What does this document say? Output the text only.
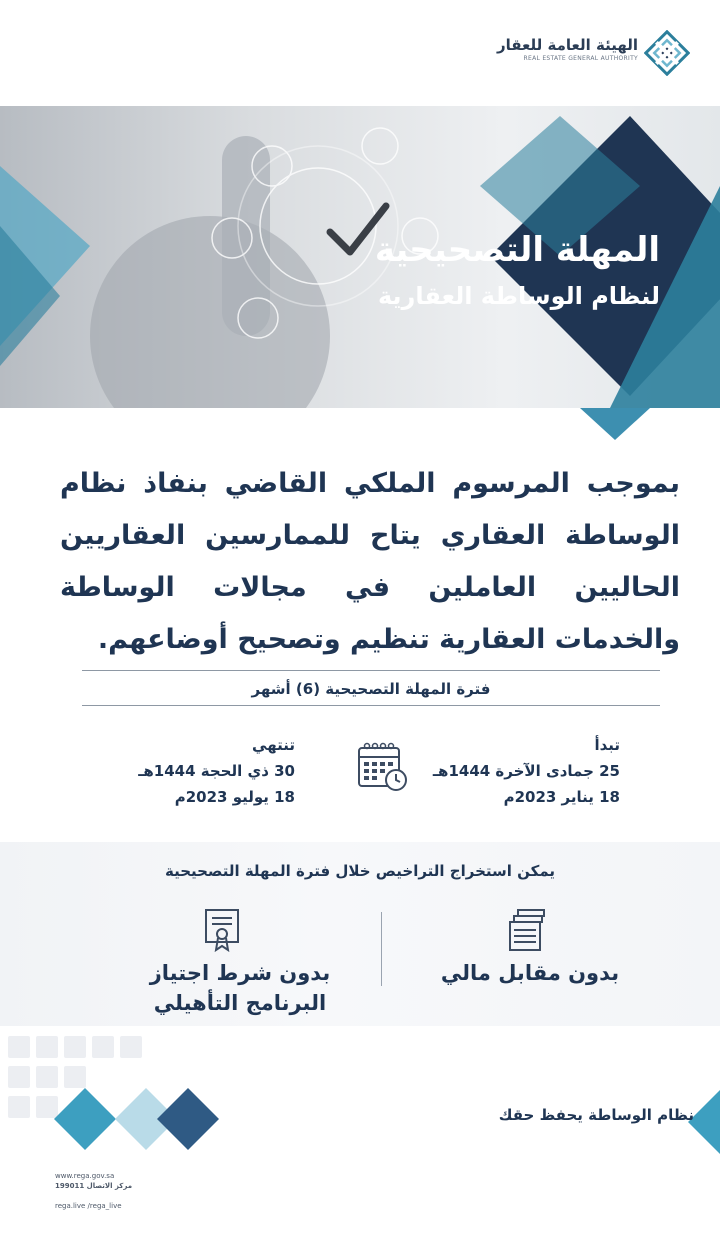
الهيئة العامة للعقار
REAL ESTATE GENERAL AUTHORITY
المهلة التصحيحية
لنظام الوساطة العقارية
بموجب المرسوم الملكي القاضي بنفاذ نظام الوساطة العقاري يتاح للممارسين العقاريين الحاليين العاملين في مجالات الوساطة والخدمات العقارية تنظيم وتصحيح أوضاعهم.
فترة المهلة التصحيحية (6) أشهر
تبدأ
25 جمادى الآخرة 1444هـ
18 يناير 2023م
تنتهي
30 ذي الحجة 1444هـ
18 يوليو 2023م
يمكن استخراج التراخيص خلال فترة المهلة التصحيحية
بدون مقابل مالي
بدون شرط اجتياز
البرنامج التأهيلي
نظام الوساطة يحفظ حقك
www.rega.gov.sa
199011 مركز الاتصال
rega.live /rega_live
